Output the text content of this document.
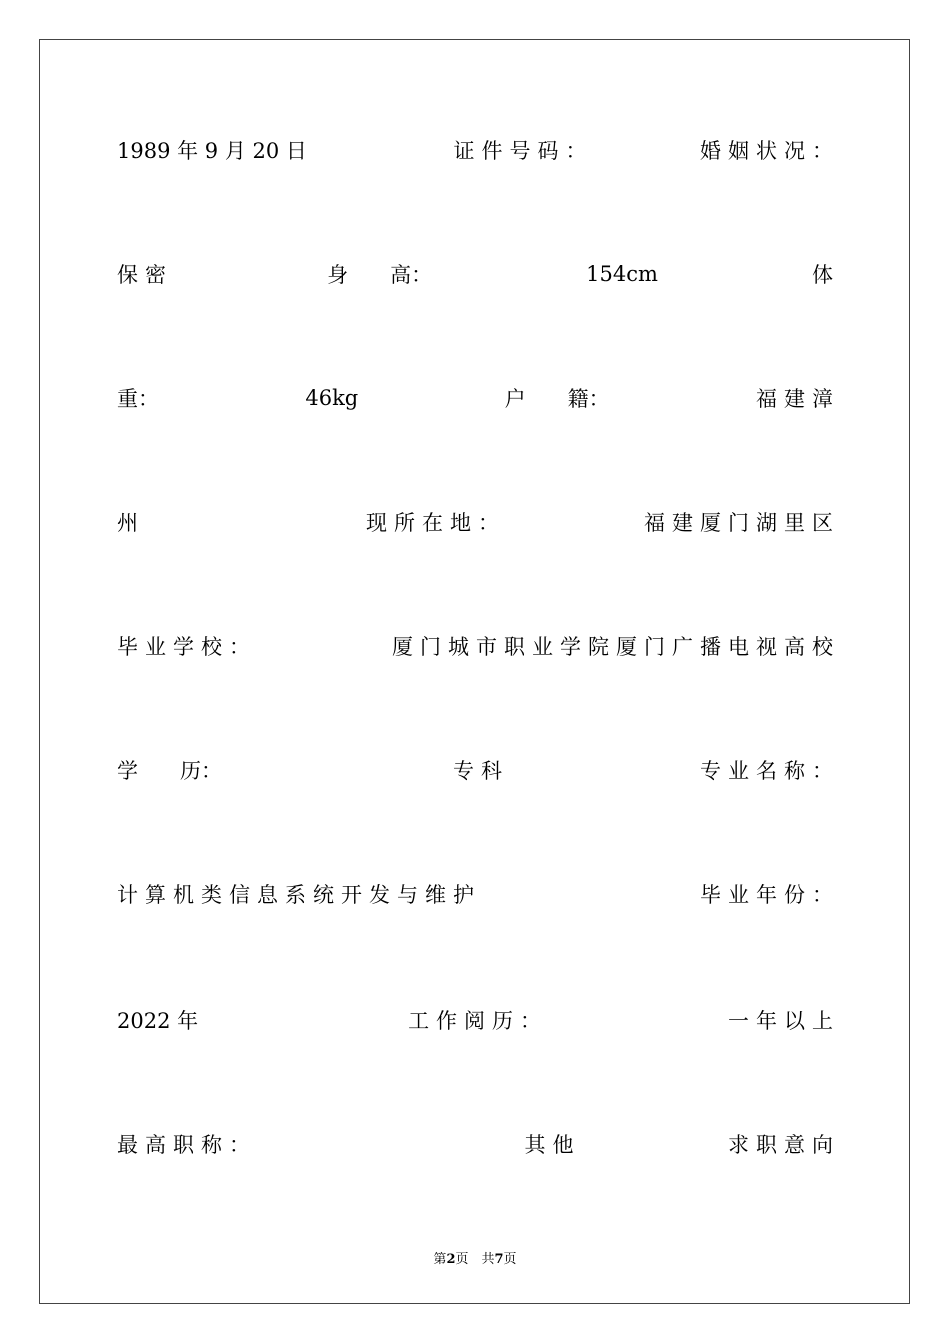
1989 年 9 月 20 日	证件号码：	婚姻状况：
保密	身　　高：	154cm	体
重：	46kg	户　　籍：	福建漳
州	现所在地：	福建厦门湖里区
毕业学校：	厦门城市职业学院厦门广播电视高校
学　　历：	专科	专业名称：
计算机类信息系统开发与维护	毕业年份：
2022 年	工作阅历：	一年以上
最高职称：	其他	求职意向
第2页　共7页
